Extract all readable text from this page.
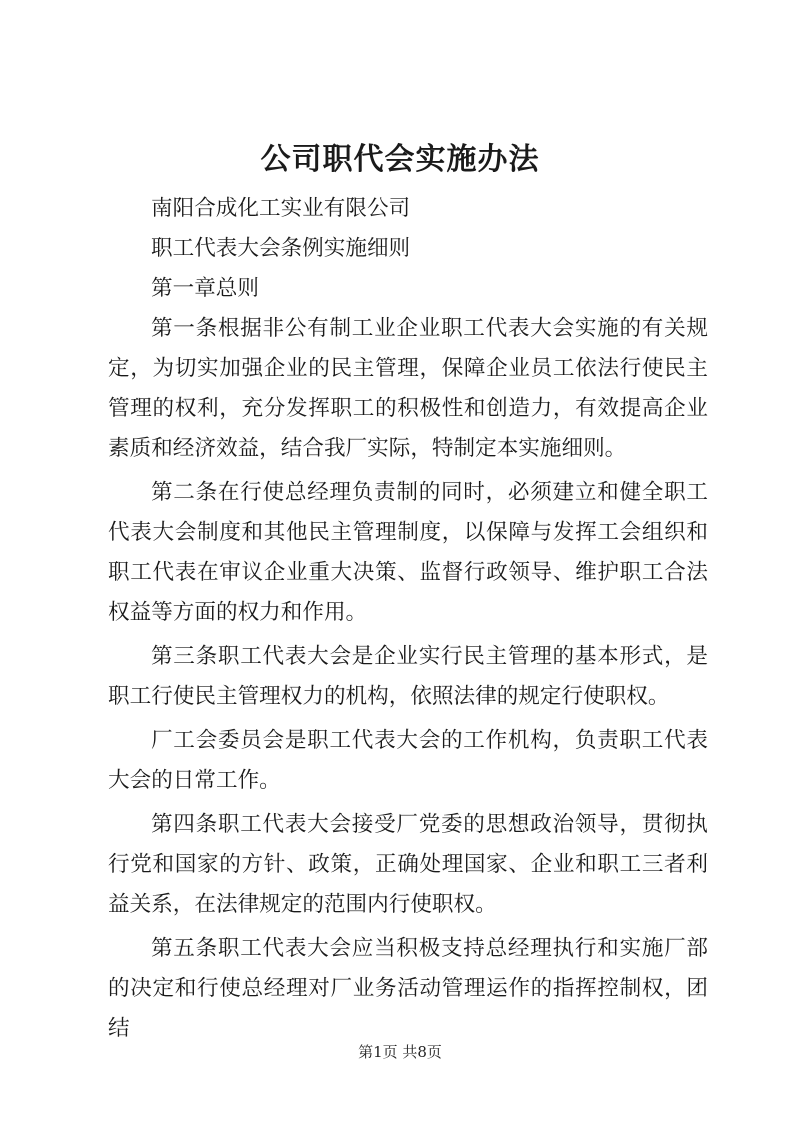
公司职代会实施办法

南阳合成化工实业有限公司

职工代表大会条例实施细则

第一章总则

第一条根据非公有制工业企业职工代表大会实施的有关规定，为切实加强企业的民主管理，保障企业员工依法行使民主管理的权利，充分发挥职工的积极性和创造力，有效提高企业素质和经济效益，结合我厂实际，特制定本实施细则。

第二条在行使总经理负责制的同时，必须建立和健全职工代表大会制度和其他民主管理制度，以保障与发挥工会组织和职工代表在审议企业重大决策、监督行政领导、维护职工合法权益等方面的权力和作用。

第三条职工代表大会是企业实行民主管理的基本形式，是职工行使民主管理权力的机构，依照法律的规定行使职权。

厂工会委员会是职工代表大会的工作机构，负责职工代表大会的日常工作。

第四条职工代表大会接受厂党委的思想政治领导，贯彻执行党和国家的方针、政策，正确处理国家、企业和职工三者利益关系，在法律规定的范围内行使职权。

第五条职工代表大会应当积极支持总经理执行和实施厂部的决定和行使总经理对厂业务活动管理运作的指挥控制权，团结

第1页 共8页
